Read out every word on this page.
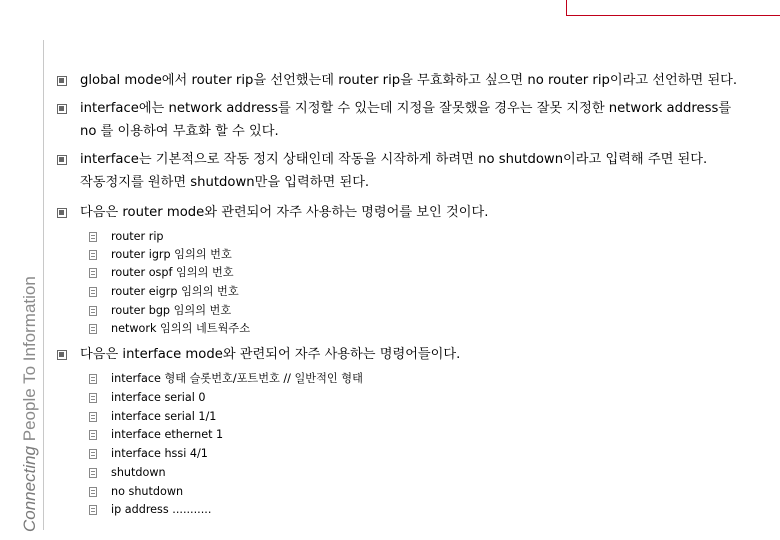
Connecting People To Information
global mode에서 router rip을 선언했는데 router rip을 무효화하고 싶으면 no router rip이라고 선언하면 된다.
interface에는 network address를 지정할 수 있는데 지정을 잘못했을 경우는 잘못 지정한 network address를
no 를 이용하여 무효화 할 수 있다.
interface는 기본적으로 작동 정지 상태인데 작동을 시작하게 하려면 no shutdown이라고 입력해 주면 된다.
작동정지를 원하면 shutdown만을 입력하면 된다.
다음은 router mode와 관련되어 자주 사용하는 명령어를 보인 것이다.
router rip
router igrp 임의의 번호
router ospf 임의의 번호
router eigrp 임의의 번호
router bgp 임의의 번호
network 임의의 네트웍주소
다음은 interface mode와 관련되어 자주 사용하는 명령어들이다.
interface 형태 슬롯번호/포트번호 // 일반적인 형태
interface serial 0
interface serial 1/1
interface ethernet 1
interface hssi 4/1
shutdown
no shutdown
ip address ...........
